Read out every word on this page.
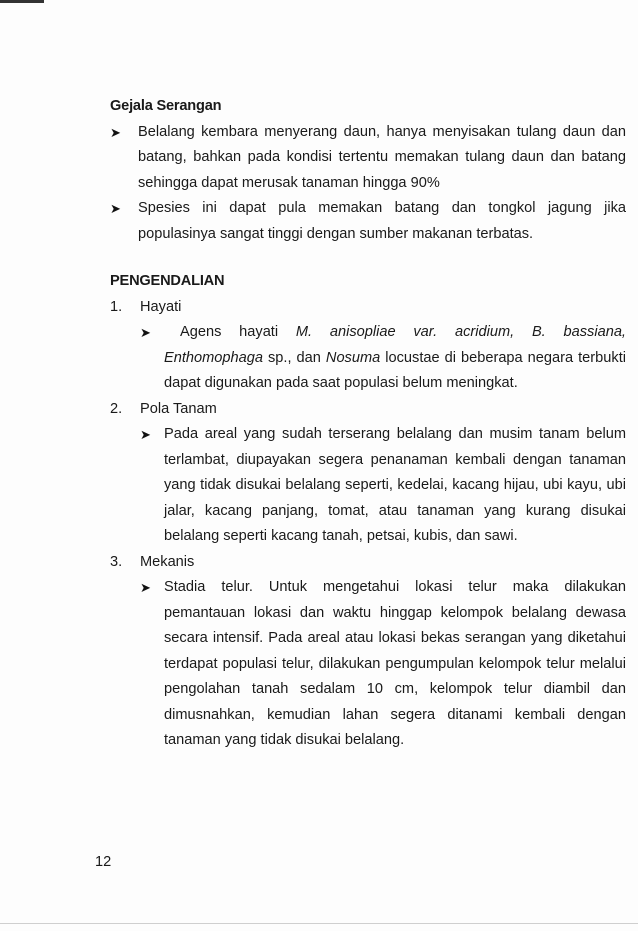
Gejala Serangan
➤	Belalang kembara menyerang daun, hanya menyisakan tulang daun dan batang, bahkan pada kondisi tertentu memakan tulang daun dan batang sehingga dapat merusak tanaman hingga 90%
➤	Spesies ini dapat pula memakan batang dan tongkol jagung jika populasinya sangat tinggi dengan sumber makanan terbatas.
PENGENDALIAN
1.	Hayati
➤	Agens hayati M. anisopliae var. acridium, B. bassiana, Enthomophaga sp., dan Nosuma locustae di beberapa negara terbukti dapat digunakan pada saat populasi belum meningkat.
2.	Pola Tanam
➤ Pada areal yang sudah terserang belalang dan musim tanam belum terlambat, diupayakan segera penanaman kembali dengan tanaman yang tidak disukai belalang seperti, kedelai, kacang hijau, ubi kayu, ubi jalar, kacang panjang, tomat, atau tanaman yang kurang disukai belalang seperti kacang tanah, petsai, kubis, dan sawi.
3.	Mekanis
➤ Stadia telur. Untuk mengetahui lokasi telur maka dilakukan pemantauan lokasi dan waktu hinggap kelompok belalang dewasa secara intensif. Pada areal atau lokasi bekas serangan yang diketahui terdapat populasi telur, dilakukan pengumpulan kelompok telur melalui pengolahan tanah sedalam 10 cm, kelompok telur diambil dan dimusnahkan, kemudian lahan segera ditanami kembali dengan tanaman yang tidak disukai belalang.
12
